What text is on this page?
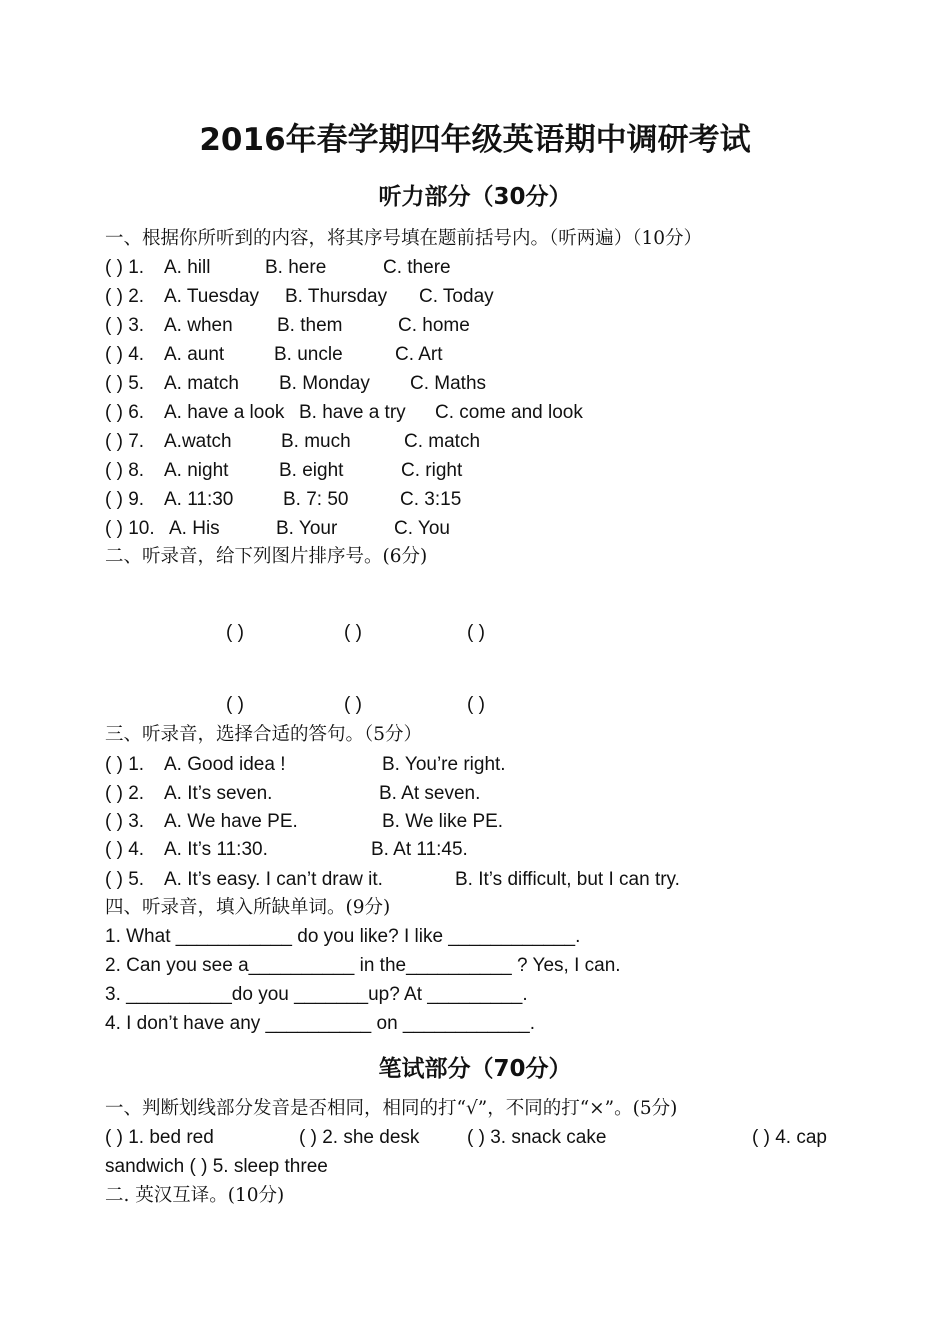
2016年春学期四年级英语期中调研考试
听力部分（30分）
一、根据你所听到的内容，将其序号填在题前括号内。（听两遍）（10分）
( ) 1. A. hill	B. here	C. there
( ) 2. A. Tuesday B. Thursday C. Today
( ) 3. A. when B. them	C. home
( ) 4. A. aunt	B. uncle	C. Art
( ) 5. A. match B. Monday C. Maths
( ) 6. A. have a look B. have a try C. come and look
( ) 7. A.watch	B. much	C. match
( ) 8. A. night	B. eight	C. right
( ) 9. A. 11:30	B. 7: 50	C. 3:15
( ) 10. A. His	B. Your	C. You
二、听录音，给下列图片排序号。(6分)
( )	( )	( )
( )	( )	( )
三、听录音，选择合适的答句。（5分）
( ) 1. A. Good idea !	B. You’re right.
( ) 2. A. It’s seven.	B. At seven.
( ) 3. A. We have PE.	B. We like PE.
( ) 4. A. It’s 11:30.	B. At 11:45.
( ) 5. A. It’s easy. I can’t draw it.	B. It’s difficult, but I can try.
四、听录音，填入所缺单词。(9分)
1. What ___________ do you like? I like ____________.
2. Can you see a__________ in the__________ ? Yes, I can.
3. __________do you _______up? At _________.
4. I don’t have any __________ on ____________.
笔试部分（70分）
一、判断划线部分发音是否相同，相同的打“√”，不同的打“×”。(5分)
( ) 1. bed red	( ) 2. she desk	( ) 3. snack cake	( ) 4. cap
sandwich ( ) 5. sleep three
二. 英汉互译。(10分)
